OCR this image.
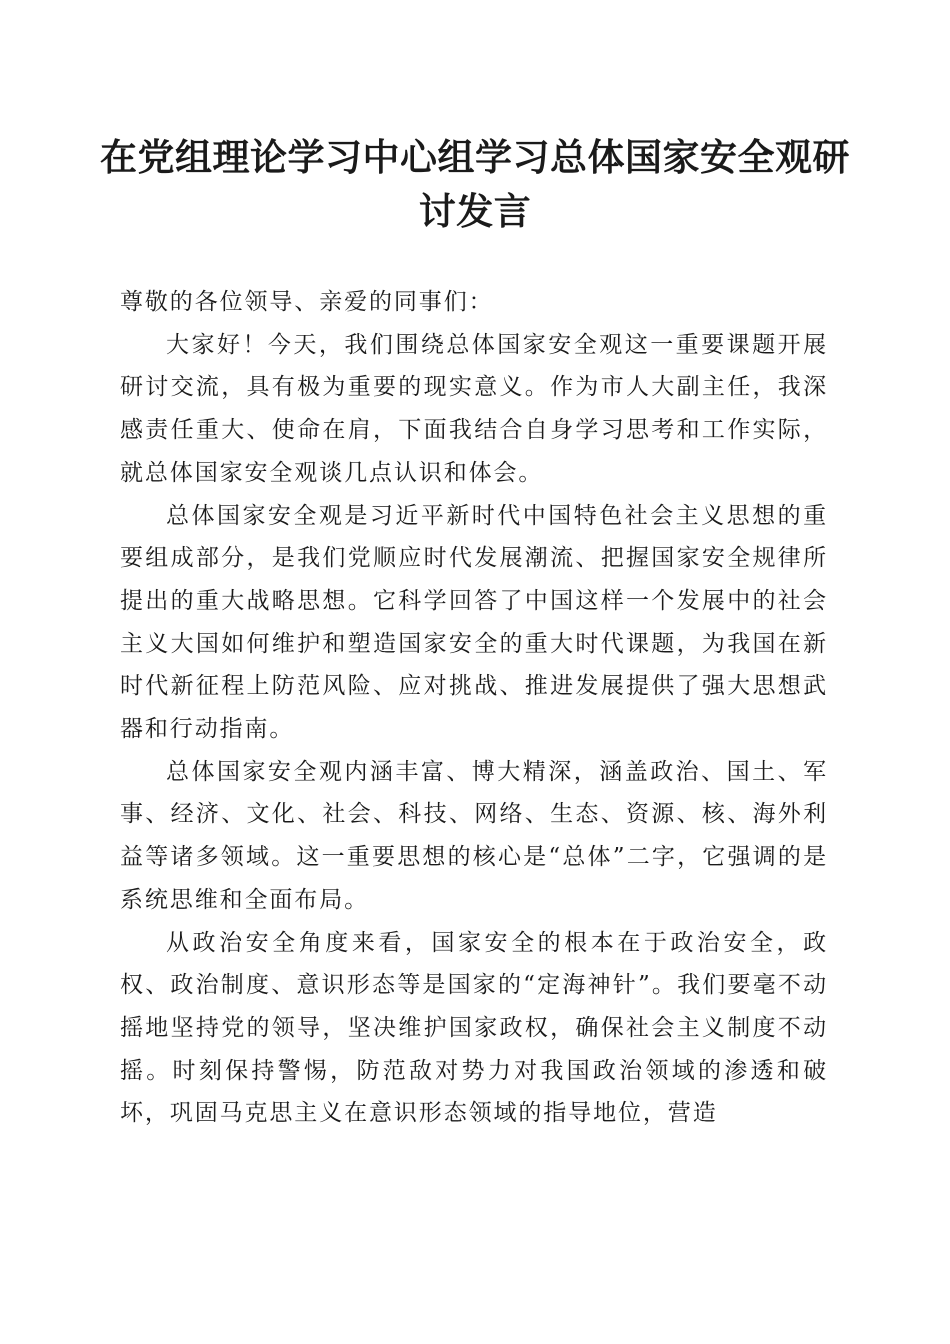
在党组理论学习中心组学习总体国家安全观研讨发言

尊敬的各位领导、亲爱的同事们：

大家好！今天，我们围绕总体国家安全观这一重要课题开展研讨交流，具有极为重要的现实意义。作为市人大副主任，我深感责任重大、使命在肩，下面我结合自身学习思考和工作实际，就总体国家安全观谈几点认识和体会。

总体国家安全观是习近平新时代中国特色社会主义思想的重要组成部分，是我们党顺应时代发展潮流、把握国家安全规律所提出的重大战略思想。它科学回答了中国这样一个发展中的社会主义大国如何维护和塑造国家安全的重大时代课题，为我国在新时代新征程上防范风险、应对挑战、推进发展提供了强大思想武器和行动指南。

总体国家安全观内涵丰富、博大精深，涵盖政治、国土、军事、经济、文化、社会、科技、网络、生态、资源、核、海外利益等诸多领域。这一重要思想的核心是“总体”二字，它强调的是系统思维和全面布局。

从政治安全角度来看，国家安全的根本在于政治安全，政权、政治制度、意识形态等是国家的“定海神针”。我们要毫不动摇地坚持党的领导，坚决维护国家政权，确保社会主义制度不动摇。时刻保持警惕，防范敌对势力对我国政治领域的渗透和破坏，巩固马克思主义在意识形态领域的指导地位，营造
